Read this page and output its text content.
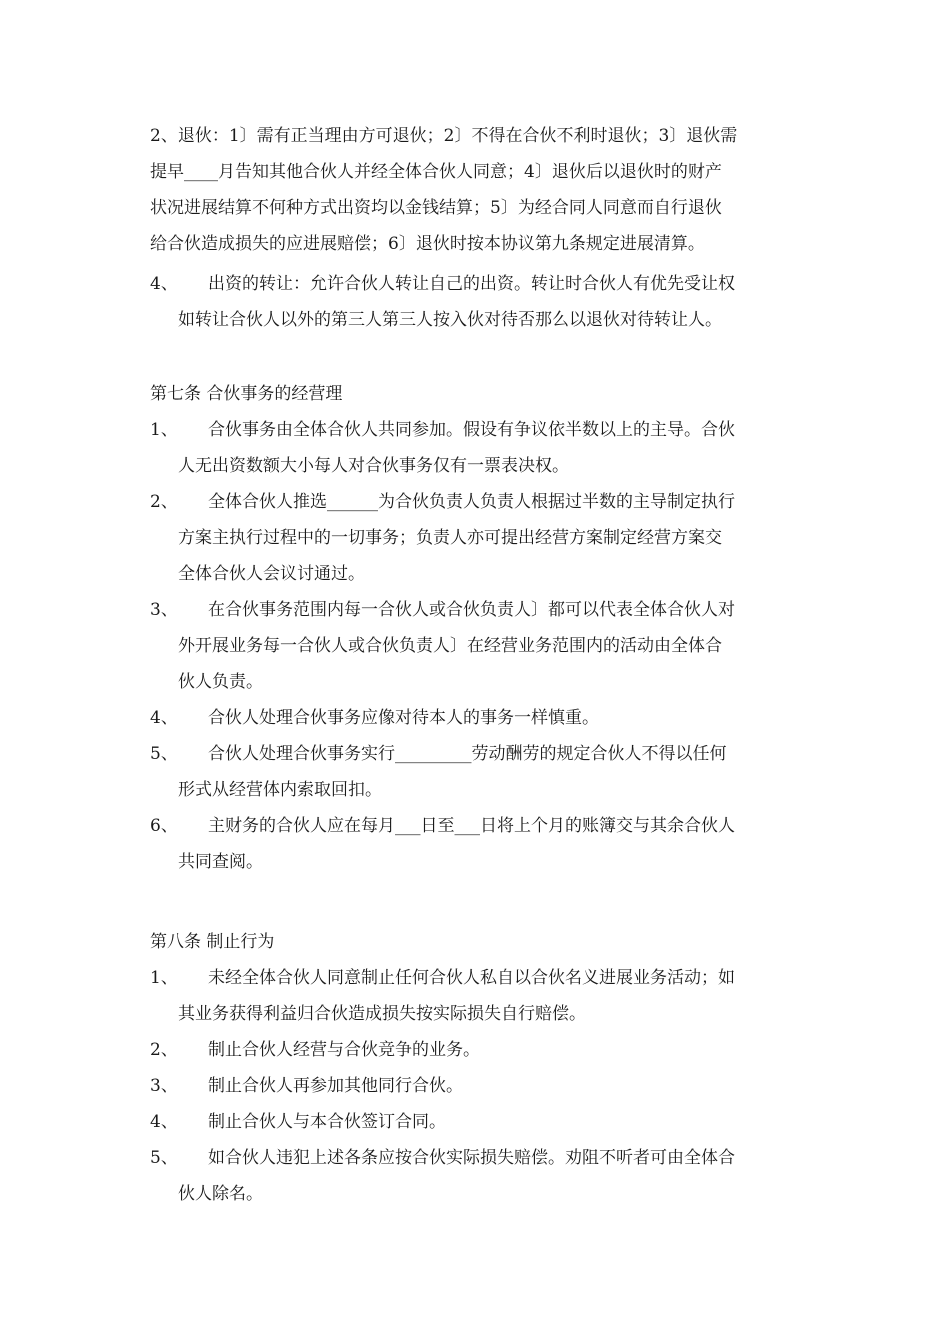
2、退伙：1〕需有正当理由方可退伙；2〕不得在合伙不利时退伙；3〕退伙需
提早____月告知其他合伙人并经全体合伙人同意；4〕退伙后以退伙时的财产
状况进展结算不何种方式出资均以金钱结算；5〕为经合同人同意而自行退伙
给合伙造成损失的应进展赔偿；6〕退伙时按本协议第九条规定进展清算。
4、 出资的转让：允许合伙人转让自己的出资。转让时合伙人有优先受让权
如转让合伙人以外的第三人第三人按入伙对待否那么以退伙对待转让人。
第七条 合伙事务的经营理
1、 合伙事务由全体合伙人共同参加。假设有争议依半数以上的主导。合伙
人无出资数额大小每人对合伙事务仅有一票表决权。
2、 全体合伙人推选______为合伙负责人负责人根据过半数的主导制定执行
方案主执行过程中的一切事务；负责人亦可提出经营方案制定经营方案交
全体合伙人会议讨通过。
3、 在合伙事务范围内每一合伙人或合伙负责人〕都可以代表全体合伙人对
外开展业务每一合伙人或合伙负责人〕在经营业务范围内的活动由全体合
伙人负责。
4、 合伙人处理合伙事务应像对待本人的事务一样慎重。
5、 合伙人处理合伙事务实行_________劳动酬劳的规定合伙人不得以任何
形式从经营体内索取回扣。
6、 主财务的合伙人应在每月___日至___日将上个月的账簿交与其余合伙人
共同查阅。
第八条 制止行为
1、 未经全体合伙人同意制止任何合伙人私自以合伙名义进展业务活动；如
其业务获得利益归合伙造成损失按实际损失自行赔偿。
2、 制止合伙人经营与合伙竞争的业务。
3、 制止合伙人再参加其他同行合伙。
4、 制止合伙人与本合伙签订合同。
5、 如合伙人违犯上述各条应按合伙实际损失赔偿。劝阻不听者可由全体合
伙人除名。
